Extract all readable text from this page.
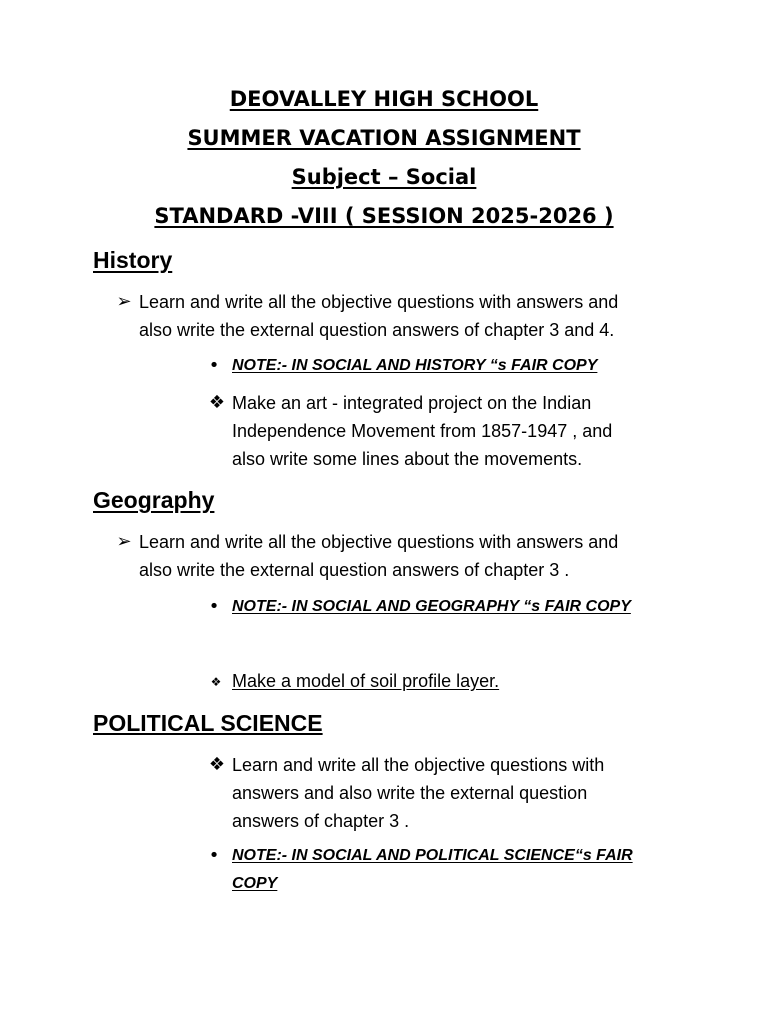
DEOVALLEY HIGH SCHOOL
SUMMER VACATION ASSIGNMENT
Subject – Social
STANDARD -VIII ( SESSION 2025-2026 )
History
➢ Learn and write all the objective questions with answers and
also write the external question answers of chapter 3 and 4.
• NOTE:- IN SOCIAL AND HISTORY “s FAIR COPY
❖ Make an art - integrated project on the Indian
Independence Movement from 1857-1947 , and
also write some lines about the movements.
Geography
➢ Learn and write all the objective questions with answers and
also write the external question answers of chapter 3 .
• NOTE:- IN SOCIAL AND GEOGRAPHY “s FAIR COPY
❖ Make a model of soil profile layer.
POLITICAL SCIENCE
❖ Learn and write all the objective questions with
answers and also write the external question
answers of chapter 3 .
• NOTE:- IN SOCIAL AND POLITICAL SCIENCE“s FAIR
COPY
